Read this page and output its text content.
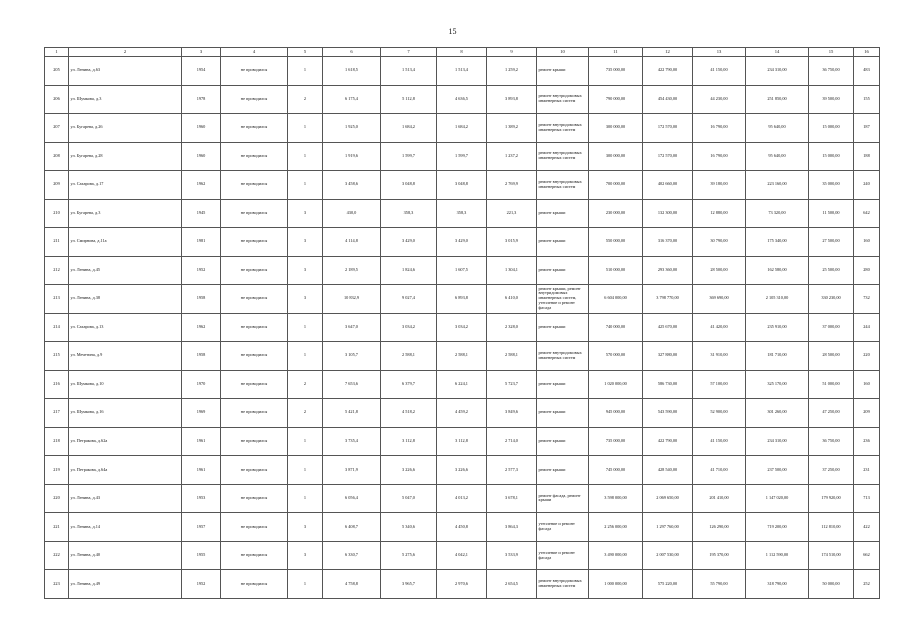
15
1	2	3	4	5	6	7	8	9	10	11	12	13	14	15	16
205	ул. Ленина, д.63	1954	не проводился	1	1 618,5	1 513,4	1 513,4	1 259,2	ремонт крыши	735 000,00	422 790,00	41 150,00	234 310,00	36 750,00	483
206	ул. Шумкова, д.3	1978	не проводился	2	6 175,4	5 112,8	4 636,5	3 893,8	ремонт внутридомовых инженерных систем	790 000,00	454 430,00	44 230,00	251 850,00	39 500,00	155
207	ул. Бугарева, д.26	1960	не проводился	1	1 925,0	1 684,2	1 684,2	1 389,2	ремонт внутридомовых инженерных систем	300 000,00	172 570,00	16 790,00	95 640,00	15 000,00	187
208	ул. Бугарева, д.28	1960	не проводился	1	1 919,6	1 599,7	1 599,7	1 237,2	ремонт внутридомовых инженерных систем	300 000,00	172 570,00	16 790,00	95 640,00	15 000,00	188
209	ул. Сахарова, д.17	1962	не проводился	1	3 458,6	3 048,8	3 048,8	2 769,9	ремонт внутридомовых инженерных систем	700 000,00	402 660,00	39 180,00	223 160,00	35 000,00	240
210	ул. Бугарева, д.3	1945	не проводился	3	430,0	358,3	358,3	221,3	ремонт крыши	230 000,00	132 300,00	12 880,00	73 320,00	11 500,00	642
211	ул. Смирнова, д.11а	1981	не проводился	3	4 114,8	3 429,0	3 429,0	3 015,9	ремонт крыши	550 000,00	316 370,00	30 790,00	175 340,00	27 500,00	160
212	ул. Ленина, д.45	1952	не проводился	3	2 189,5	1 824,6	1 607,5	1 304,1	ремонт крыши	510 000,00	293 360,00	28 500,00	162 580,00	25 500,00	280
213	ул. Ленина, д.38	1958	не проводился	3	10 832,9	9 027,4	6 893,8	6 410,0	ремонт крыши, ремонт внутридомовых инженерных систем, утепление и ремонт фасада	6 604 000,00	3 798 770,00	369 690,00	2 105 310,00	330 230,00	732
214	ул. Сахарова, д.13	1962	не проводился	1	3 647,0	3 034,2	3 034,2	2 328,0	ремонт крыши	740 000,00	425 670,00	41 420,00	235 910,00	37 000,00	244
215	ул. Мечетина, д.9	1958	не проводился	1	3 105,7	2 588,1	2 588,1	2 588,1	ремонт внутридомовых инженерных систем	570 000,00	327 880,00	31 910,00	181 710,00	28 500,00	220
216	ул. Шумкова, д.10	1970	не проводился	2	7 653,6	6 379,7	6 224,1	5 723,7	ремонт крыши	1 020 000,00	586 730,00	57 100,00	325 170,00	51 000,00	160
217	ул. Шумкова, д.16	1969	не проводился	2	5 421,8	4 518,2	4 459,2	3 849,6	ремонт крыши	945 000,00	543 590,00	52 900,00	301 260,00	47 250,00	209
218	ул. Петракова, д.62а	1961	не проводился	1	3 735,4	3 112,8	3 112,8	2 714,0	ремонт крыши	735 000,00	422 790,00	41 150,00	234 310,00	36 750,00	236
219	ул. Петракова, д.64а	1961	не проводился	1	3 871,9	3 226,6	3 226,6	2 577,3	ремонт крыши	745 000,00	428 540,00	41 710,00	237 500,00	37 250,00	231
220	ул. Ленина, д.43	1953	не проводился	1	6 056,4	5 047,0	4 013,2	3 678,1	ремонт фасада, ремонт крыши	3 598 000,00	2 069 650,00	201 410,00	1 147 020,00	179 920,00	713
221	ул. Ленина, д.14	1957	не проводился	3	6 408,7	5 340,6	4 450,8	3 864,3	утепление и ремонт фасада	2 256 000,00	1 297 760,00	126 290,00	719 200,00	112 810,00	422
222	ул. Ленина, д.40	1955	не проводился	3	6 330,7	5 275,6	4 042,1	3 533,9	утепление и ремонт фасада	3 490 000,00	2 007 530,00	195 370,00	1 112 590,00	174 510,00	662
223	ул. Ленина, д.49	1952	не проводился	1	4 758,8	3 965,7	2 970,6	2 654,5	ремонт внутридомовых инженерных систем	1 000 000,00	575 220,00	55 790,00	318 790,00	50 000,00	252
